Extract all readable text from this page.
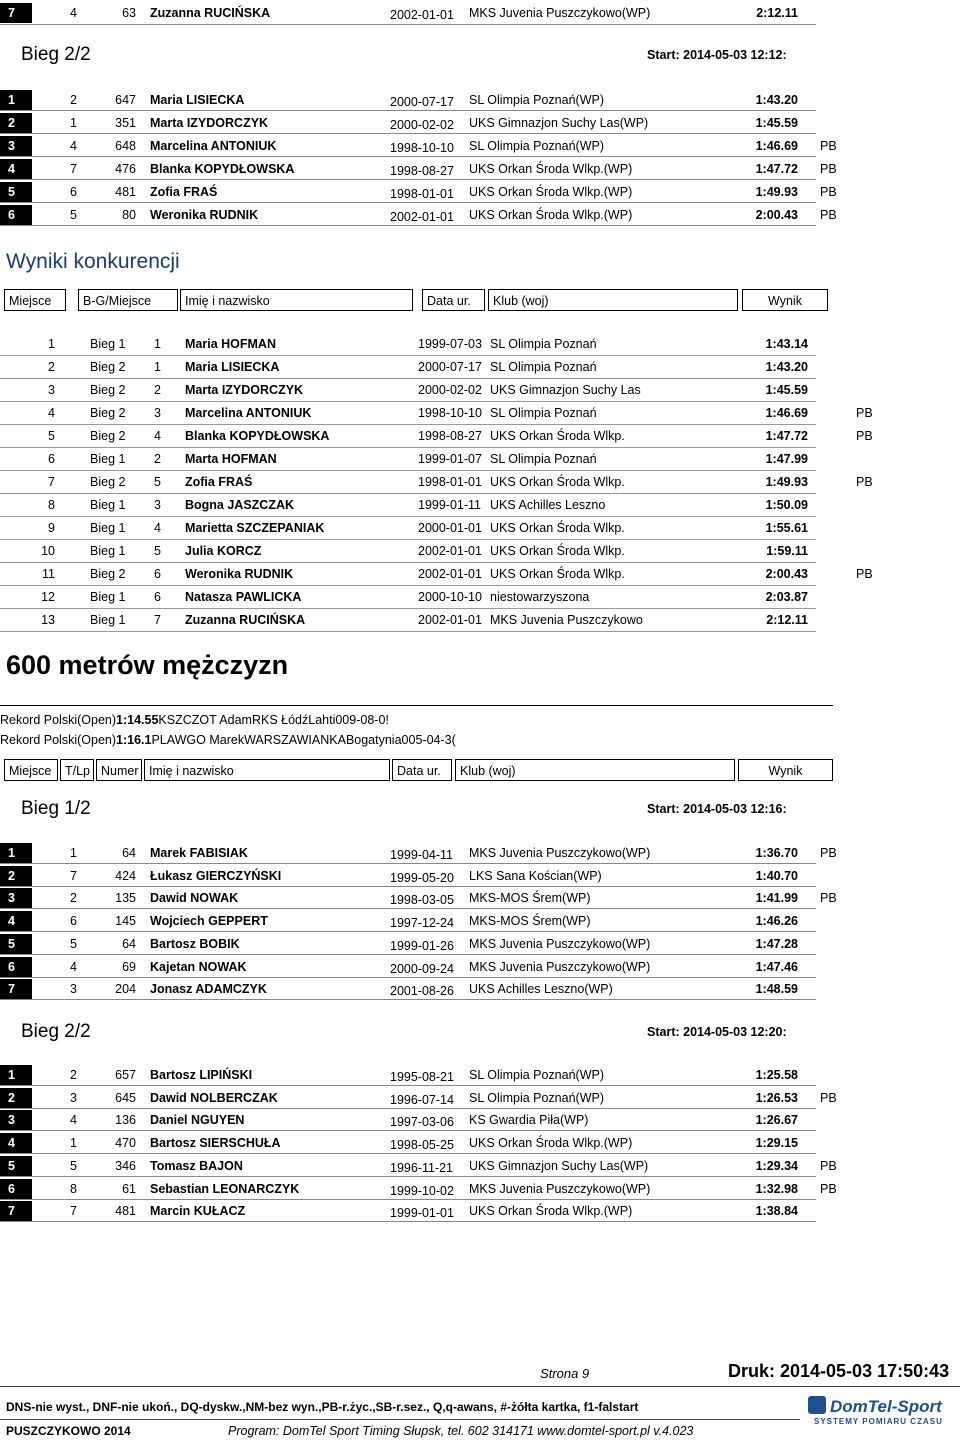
Bieg 2/2	Start: 2014-05-03 12:12:
Wyniki konkurencji
Miejsce	B-G/Miejsce	Imię i nazwisko	Data ur.	Klub (woj)	Wynik
600 metrów mężczyzn
Miejsce	T/Lp Numer Imię i nazwisko	Data ur.	Klub (woj)	Wynik
Bieg 1/2	Start: 2014-05-03 12:16:
Bieg 2/2	Start: 2014-05-03 12:20:
Strona 9	Druk: 2014-05-03 17:50:43
DNS-nie wyst., DNF-nie ukoń., DQ-dyskw.,NM-bez wyn.,PB-r.życ.,SB-r.sez., Q,q-awans, #-żółta kartka, f1-falstart
PUSZCZYKOWO 2014	Program: DomTel Sport Timing Słupsk, tel. 602 314171 www.domtel-sport.pl v.4.023
DomTel-Sport
SYSTEMY POMIARU CZASU
7	4	63 Zuzanna RUCIŃSKA	2002-01-01 MKS Juvenia Puszczykowo(WP)	2:12.11
1	2	647 Maria LISIECKA	2000-07-17 SL Olimpia Poznań(WP)	1:43.20
2	1	351 Marta IZYDORCZYK	2000-02-02 UKS Gimnazjon Suchy Las(WP)	1:45.59
3	4	648 Marcelina ANTONIUK	1998-10-10 SL Olimpia Poznań(WP)	1:46.69 PB
4	7	476 Blanka KOPYDŁOWSKA	1998-08-27 UKS Orkan Środa Wlkp.(WP)	1:47.72 PB
5	6	481 Zofia FRAŚ	1998-01-01 UKS Orkan Środa Wlkp.(WP)	1:49.93 PB
6	5	80 Weronika RUDNIK	2002-01-01 UKS Orkan Środa Wlkp.(WP)	2:00.43 PB
1	Bieg 1 1 Maria HOFMAN	1999-07-03 SL Olimpia Poznań	1:43.14
2	Bieg 2 1 Maria LISIECKA	2000-07-17 SL Olimpia Poznań	1:43.20
3	Bieg 2 2 Marta IZYDORCZYK	2000-02-02 UKS Gimnazjon Suchy Las	1:45.59
4	Bieg 2 3 Marcelina ANTONIUK	1998-10-10 SL Olimpia Poznań	1:46.69	PB
5	Bieg 2 4 Blanka KOPYDŁOWSKA	1998-08-27 UKS Orkan Środa Wlkp.	1:47.72	PB
6	Bieg 1 2 Marta HOFMAN	1999-01-07 SL Olimpia Poznań	1:47.99
7	Bieg 2 5 Zofia FRAŚ	1998-01-01 UKS Orkan Środa Wlkp.	1:49.93	PB
8	Bieg 1 3 Bogna JASZCZAK	1999-01-11 UKS Achilles Leszno	1:50.09
9	Bieg 1 4 Marietta SZCZEPANIAK	2000-01-01 UKS Orkan Środa Wlkp.	1:55.61
10	Bieg 1 5 Julia KORCZ	2002-01-01 UKS Orkan Środa Wlkp.	1:59.11
11	Bieg 2 6 Weronika RUDNIK	2002-01-01 UKS Orkan Środa Wlkp.	2:00.43	PB
12	Bieg 1 6 Natasza PAWLICKA	2000-10-10 niestowarzyszona	2:03.87
13	Bieg 1 7 Zuzanna RUCIŃSKA	2002-01-01 MKS Juvenia Puszczykowo	2:12.11
Rekord Polski(Open)1:14.55KSZCZOT AdamRKS ŁódźLahti009-08-0!
Rekord Polski(Open)1:16.1PLAWGO MarekWARSZAWIANKABogatynia005-04-3(
1	1	64 Marek FABISIAK	1999-04-11 MKS Juvenia Puszczykowo(WP)	1:36.70 PB
2	7	424 Łukasz GIERCZYŃSKI	1999-05-20 LKS Sana Kościan(WP)	1:40.70
3	2	135 Dawid NOWAK	1998-03-05 MKS-MOS Śrem(WP)	1:41.99 PB
4	6	145 Wojciech GEPPERT	1997-12-24 MKS-MOS Śrem(WP)	1:46.26
5	5	64 Bartosz BOBIK	1999-01-26 MKS Juvenia Puszczykowo(WP)	1:47.28
6	4	69 Kajetan NOWAK	2000-09-24 MKS Juvenia Puszczykowo(WP)	1:47.46
7	3	204 Jonasz ADAMCZYK	2001-08-26 UKS Achilles Leszno(WP)	1:48.59
1	2	657 Bartosz LIPIŃSKI	1995-08-21 SL Olimpia Poznań(WP)	1:25.58
2	3	645 Dawid NOLBERCZAK	1996-07-14 SL Olimpia Poznań(WP)	1:26.53 PB
3	4	136 Daniel NGUYEN	1997-03-06 KS Gwardia Piła(WP)	1:26.67
4	1	470 Bartosz SIERSCHUŁA	1998-05-25 UKS Orkan Środa Wlkp.(WP)	1:29.15
5	5	346 Tomasz BAJON	1996-11-21 UKS Gimnazjon Suchy Las(WP)	1:29.34 PB
6	8	61 Sebastian LEONARCZYK	1999-10-02 MKS Juvenia Puszczykowo(WP)	1:32.98 PB
7	7	481 Marcin KUŁACZ	1999-01-01 UKS Orkan Środa Wlkp.(WP)	1:38.84
